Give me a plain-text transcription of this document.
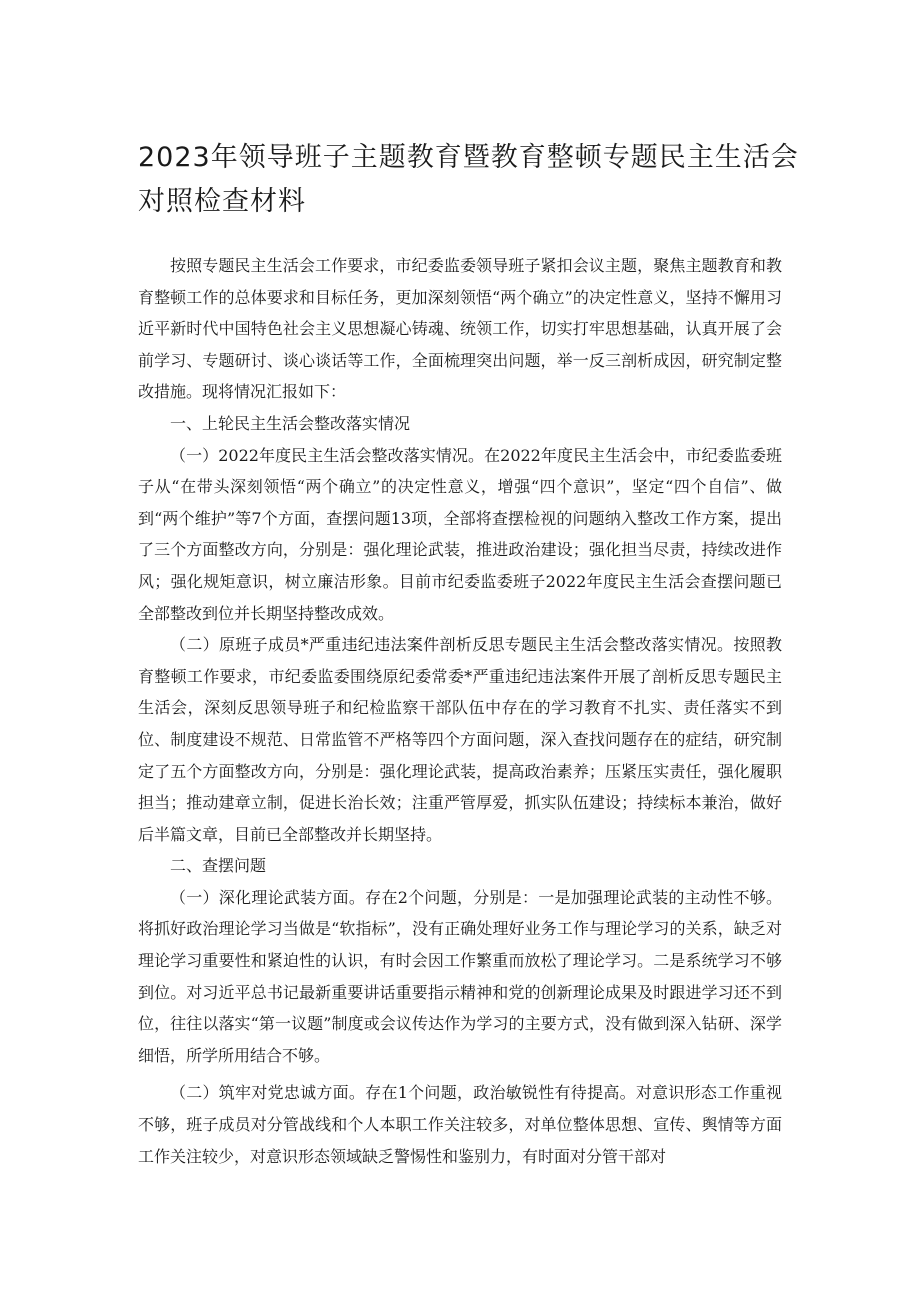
2023年领导班子主题教育暨教育整顿专题民主生活会
对照检查材料

按照专题民主生活会工作要求，市纪委监委领导班子紧扣会议主题，聚焦主题教育和教育整顿工作的总体要求和目标任务，更加深刻领悟“两个确立”的决定性意义，坚持不懈用习近平新时代中国特色社会主义思想凝心铸魂、统领工作，切实打牢思想基础，认真开展了会前学习、专题研讨、谈心谈话等工作，全面梳理突出问题，举一反三剖析成因，研究制定整改措施。现将情况汇报如下：

一、上轮民主生活会整改落实情况

（一）2022年度民主生活会整改落实情况。在2022年度民主生活会中，市纪委监委班子从“在带头深刻领悟“两个确立”的决定性意义，增强“四个意识”，坚定“四个自信”、做到“两个维护”等7个方面，查摆问题13项，全部将查摆检视的问题纳入整改工作方案，提出了三个方面整改方向，分别是：强化理论武装，推进政治建设；强化担当尽责，持续改进作风；强化规矩意识，树立廉洁形象。目前市纪委监委班子2022年度民主生活会查摆问题已全部整改到位并长期坚持整改成效。

（二）原班子成员*严重违纪违法案件剖析反思专题民主生活会整改落实情况。按照教育整顿工作要求，市纪委监委围绕原纪委常委*严重违纪违法案件开展了剖析反思专题民主生活会，深刻反思领导班子和纪检监察干部队伍中存在的学习教育不扎实、责任落实不到位、制度建设不规范、日常监管不严格等四个方面问题，深入查找问题存在的症结，研究制定了五个方面整改方向，分别是：强化理论武装，提高政治素养；压紧压实责任，强化履职担当；推动建章立制，促进长治长效；注重严管厚爱，抓实队伍建设；持续标本兼治，做好后半篇文章，目前已全部整改并长期坚持。

二、查摆问题

（一）深化理论武装方面。存在2个问题，分别是：一是加强理论武装的主动性不够。将抓好政治理论学习当做是“软指标”，没有正确处理好业务工作与理论学习的关系，缺乏对理论学习重要性和紧迫性的认识，有时会因工作繁重而放松了理论学习。二是系统学习不够到位。对习近平总书记最新重要讲话重要指示精神和党的创新理论成果及时跟进学习还不到位，往往以落实“第一议题”制度或会议传达作为学习的主要方式，没有做到深入钻研、深学细悟，所学所用结合不够。

（二）筑牢对党忠诚方面。存在1个问题，政治敏锐性有待提高。对意识形态工作重视不够，班子成员对分管战线和个人本职工作关注较多，对单位整体思想、宣传、舆情等方面工作关注较少，对意识形态领域缺乏警惕性和鉴别力，有时面对分管干部对
